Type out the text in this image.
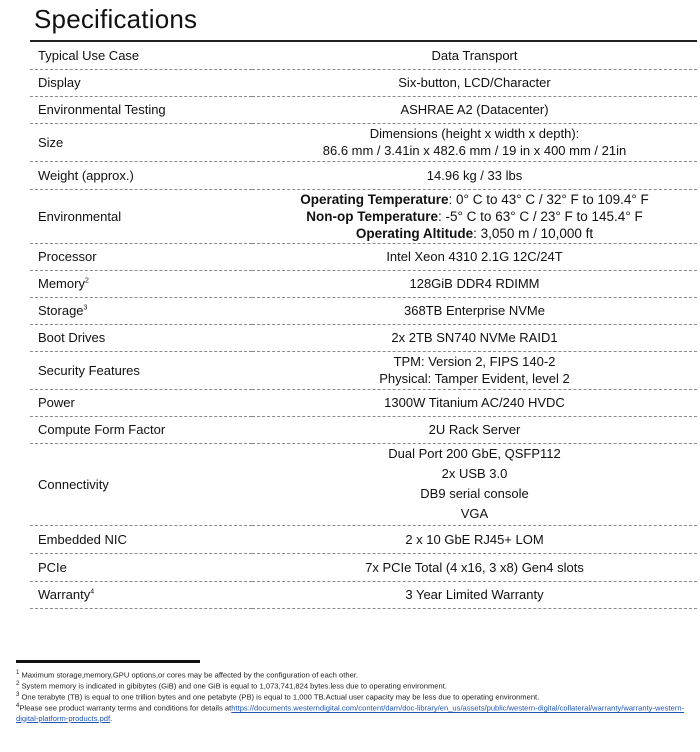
Specifications
Typical Use Case	Data Transport

Display	Six-button, LCD/Character

Environmental Testing	ASHRAE A2 (Datacenter)

Size	Dimensions (height x width x depth):
86.6 mm / 3.41in x 482.6 mm / 19 in x 400 mm / 21in

Weight (approx.)	14.96 kg / 33 lbs

Environmental	Operating Temperature: 0° C to 43° C / 32° F to 109.4° F
Non-op Temperature: -5° C to 63° C / 23° F to 145.4° F
Operating Altitude: 3,050 m / 10,000 ft

Processor	Intel Xeon 4310 2.1G 12C/24T

Memory$^2$	128GiB DDR4 RDIMM

Storage$^3$	368TB Enterprise NVMe

Boot Drives	2x 2TB SN740 NVMe RAID1

Security Features	TPM: Version 2, FIPS 140-2
Physical: Tamper Evident, level 2

Power	1300W Titanium AC/240 HVDC

Compute Form Factor	2U Rack Server

Connectivity	Dual Port 200 GbE, QSFP112
2x USB 3.0
DB9 serial console
VGA

Embedded NIC	2 x 10 GbE RJ45+ LOM

PCIe	7x PCIe Total (4 x16, 3 x8) Gen4 slots

Warranty$^4$	3 Year Limited Warranty

$^1$ Maximum storage,memory,GPU options,or cores may be affected by the configuration of each other.

$^2$ System memory is indicated in gibibytes (GiB) and one GiB is equal to 1,073,741,824 bytes.less due to operating environment.

$^3$ One terabyte (TB) is equal to one trillion bytes and one petabyte (PB) is equal to 1,000 TB.Actual user capacity may be less due to operating environment.

$^4$Please see product warranty terms and conditions for details athttps://documents.westerndigital.com/content/dam/doc-library/en_us/assets/public/western-digital/collateral/warranty/warranty-western-digital-platform-products.pdf.
